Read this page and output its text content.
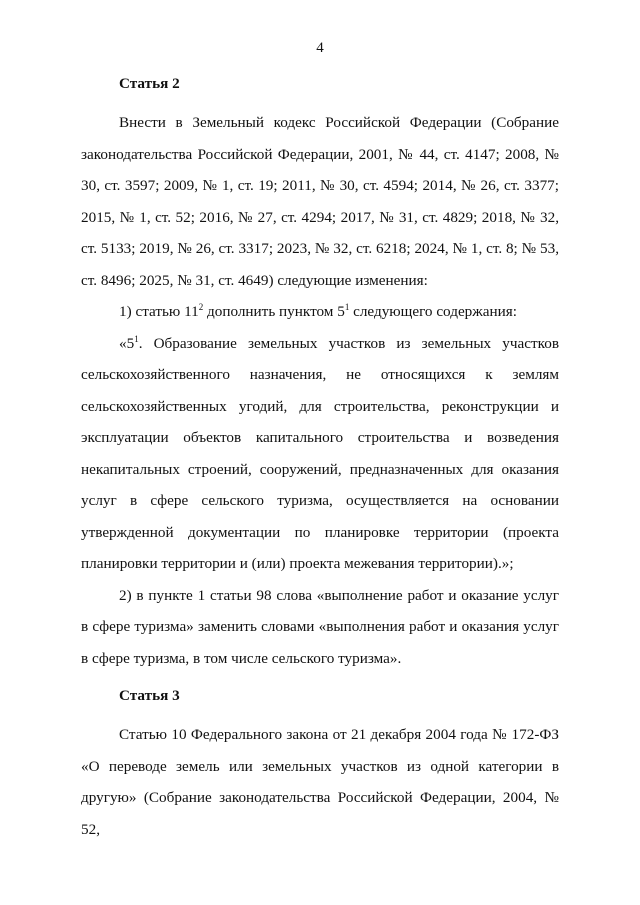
4

Статья 2

Внести в Земельный кодекс Российской Федерации (Собрание законодательства Российской Федерации, 2001, № 44, ст. 4147; 2008, № 30, ст. 3597; 2009, № 1, ст. 19; 2011, № 30, ст. 4594; 2014, № 26, ст. 3377; 2015, № 1, ст. 52; 2016, № 27, ст. 4294; 2017, № 31, ст. 4829; 2018, № 32, ст. 5133; 2019, № 26, ст. 3317; 2023, № 32, ст. 6218; 2024, № 1, ст. 8; № 53, ст. 8496; 2025, № 31, ст. 4649) следующие изменения:

1) статью $11^2$ дополнить пунктом $5^1$ следующего содержания:

«$5^1$. Образование земельных участков из земельных участков сельскохозяйственного назначения, не относящихся к землям сельскохозяйственных угодий, для строительства, реконструкции и эксплуатации объектов капитального строительства и возведения некапитальных строений, сооружений, предназначенных для оказания услуг в сфере сельского туризма, осуществляется на основании утвержденной документации по планировке территории (проекта планировки территории и (или) проекта межевания территории).»;

2) в пункте 1 статьи 98 слова «выполнение работ и оказание услуг в сфере туризма» заменить словами «выполнения работ и оказания услуг в сфере туризма, в том числе сельского туризма».

Статья 3

Статью 10 Федерального закона от 21 декабря 2004 года № 172-ФЗ «О переводе земель или земельных участков из одной категории в другую» (Собрание законодательства Российской Федерации, 2004, № 52,
